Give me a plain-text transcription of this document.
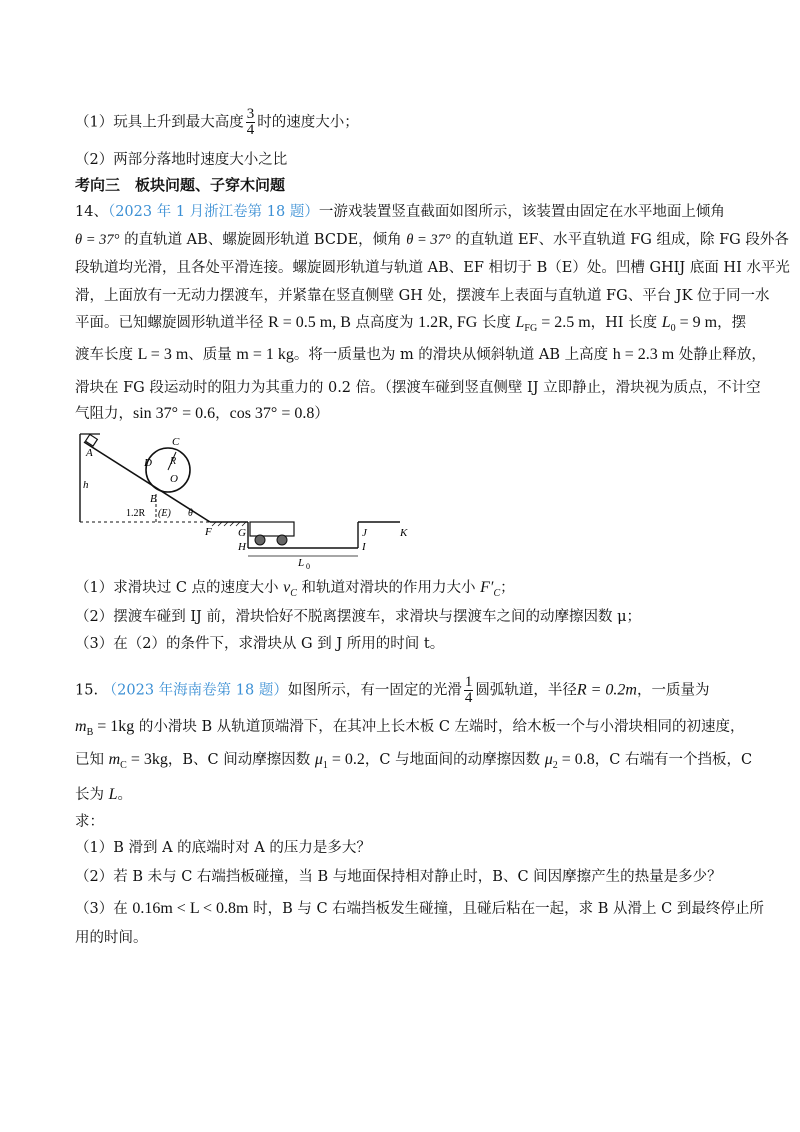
（1）玩具上升到最大高度 $\frac{3}{4}$ 时的速度大小；
（2）两部分落地时速度大小之比
考向三　板块问题、子穿木问题
14、（2023 年 1 月浙江卷第 18 题）一游戏装置竖直截面如图所示，该装置由固定在水平地面上倾角
θ = 37° 的直轨道 AB、螺旋圆形轨道 BCDE，倾角 θ = 37° 的直轨道 EF、水平直轨道 FG 组成，除 FG 段外各
段轨道均光滑，且各处平滑连接。螺旋圆形轨道与轨道 AB、EF 相切于 B（E）处。凹槽 GHIJ 底面 HI 水平光
滑，上面放有一无动力摆渡车，并紧靠在竖直侧壁 GH 处，摆渡车上表面与直轨道 FG、平台 JK 位于同一水
平面。已知螺旋圆形轨道半径 R = 0.5 m, B 点高度为 1.2R, FG 长度 $L_{FG} = 2.5$ m，HI 长度 $L_0 = 9$ m，摆
渡车长度 L = 3 m、质量 m = 1 kg。将一质量也为 m 的滑块从倾斜轨道 AB 上高度 h = 2.3 m 处静止释放，
滑块在 FG 段运动时的阻力为其重力的 0.2 倍。（摆渡车碰到竖直侧壁 IJ 立即静止，滑块视为质点，不计空
气阻力，sin 37° = 0.6，cos 37° = 0.8）
A
C
D R
O
B
h
1.2R (E) θ
F G
H
L 0
J
I
K
（1）求滑块过 C 点的速度大小 $v_C$ 和轨道对滑块的作用力大小 $F'_C$；
（2）摆渡车碰到 IJ 前，滑块恰好不脱离摆渡车，求滑块与摆渡车之间的动摩擦因数 μ；
（3）在（2）的条件下，求滑块从 G 到 J 所用的时间 t。
15. （2023 年海南卷第 18 题）如图所示，有一固定的光滑 $\frac{1}{4}$ 圆弧轨道，半径R = 0.2m，一质量为
$m_B = 1kg$ 的小滑块 B 从轨道顶端滑下，在其冲上长木板 C 左端时，给木板一个与小滑块相同的初速度，
已知 $m_C = 3kg$，B、C 间动摩擦因数 $\mu_1 = 0.2$，C 与地面间的动摩擦因数 $\mu_2 = 0.8$，C 右端有一个挡板，C
长为 L。
求：
（1）B 滑到 A 的底端时对 A 的压力是多大？
（2）若 B 未与 C 右端挡板碰撞，当 B 与地面保持相对静止时，B、C 间因摩擦产生的热量是多少？
（3）在 0.16m < L < 0.8m 时，B 与 C 右端挡板发生碰撞，且碰后粘在一起，求 B 从滑上 C 到最终停止所
用的时间。
